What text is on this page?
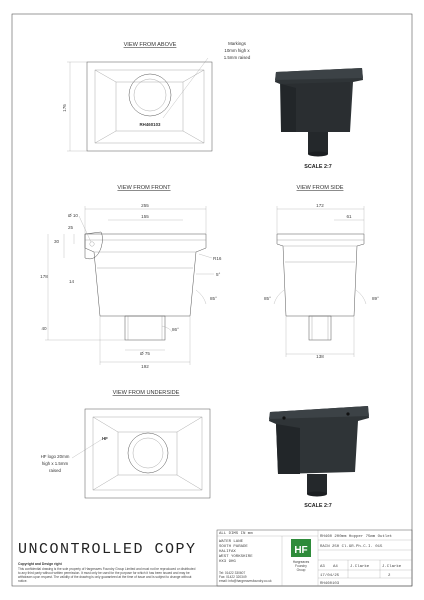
VIEW FROM ABOVE
RH460103
176
Markings
10mm high x
1.5mm raised
SCALE 2:7
VIEW FROM FRONT
255
155
Ø 10
25
30
14
178
40
R16
5°
85°
86°
Ø 75
192
VIEW FROM SIDE
172
61
85°	89°
138
VIEW FROM UNDERSIDE
HF
HF logo 20mm
high x 1.5mm
raised
SCALE 2:7
UNCONTROLLED COPY
Copyright and Design right
This confidential drawing is the sole property of Hargreaves Foundry Group Limited and must not be reproduced or distributed
to any third party without written permission. It must only be used for the purpose for which it has been issued and may be
withdrawn upon request. The validity of the drawing is only guaranteed at the time of issue and is subject to change without
notice.
ALL DIMS IN mm
WATER LANE
SOUTH PARADE
HALIFAX
WEST YORKSHIRE
HX3 9HG
Tel: 01422 330607
Fax: 01422 320349
email: info@hargreavesfoundry.co.uk
HF
Hargreaves
Foundry
Group
RH460 200mm Hopper 75mm Outlet
RAIN 250 Cl.GR.Ph.C.I. 015
A3 A4	J.Clarke	J.Clarke
17/04/25	2
RH460103
